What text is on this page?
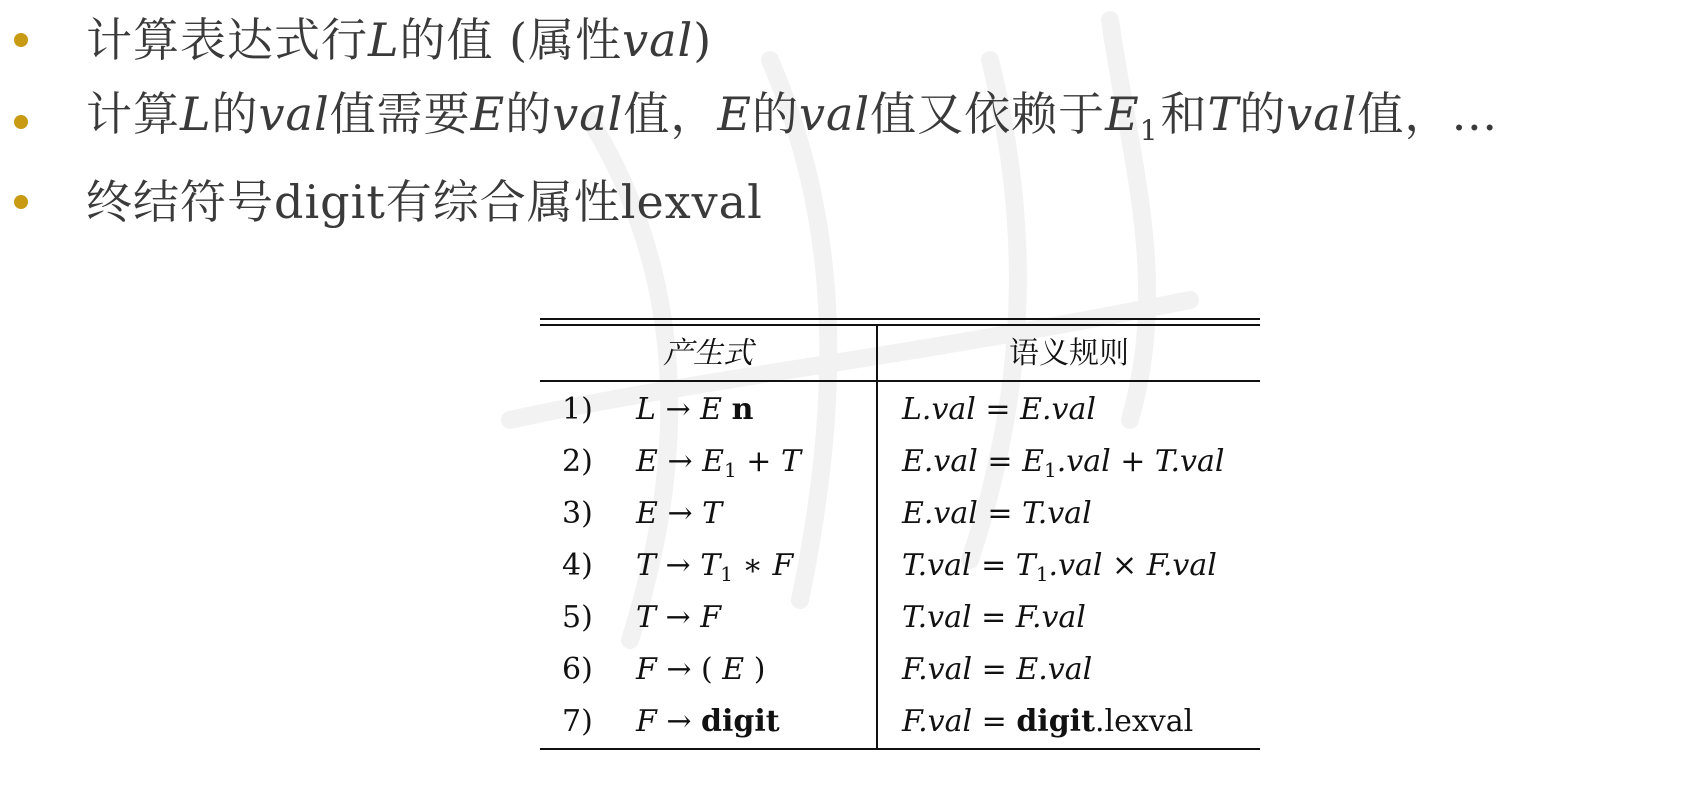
计算表达式行L的值 (属性val)
计算L的val值需要E的val值，E的val值又依赖于$E_1$和T的val值，…
终结符号digit有综合属性lexval
产生式	语义规则
1)	L → E n	L.val = E.val
2)	$E \to E_1 + T$	$E.val = E_1.val + T.val$
3)	E → T	E.val = T.val
4)	$T \to T_1$ ∗ F	$T.val = T_1.val \times F.val$
5)	T → F	T.val = F.val
6)	F → ( E )	F.val = E.val
7)	F → digit	F.val = digit.lexval
